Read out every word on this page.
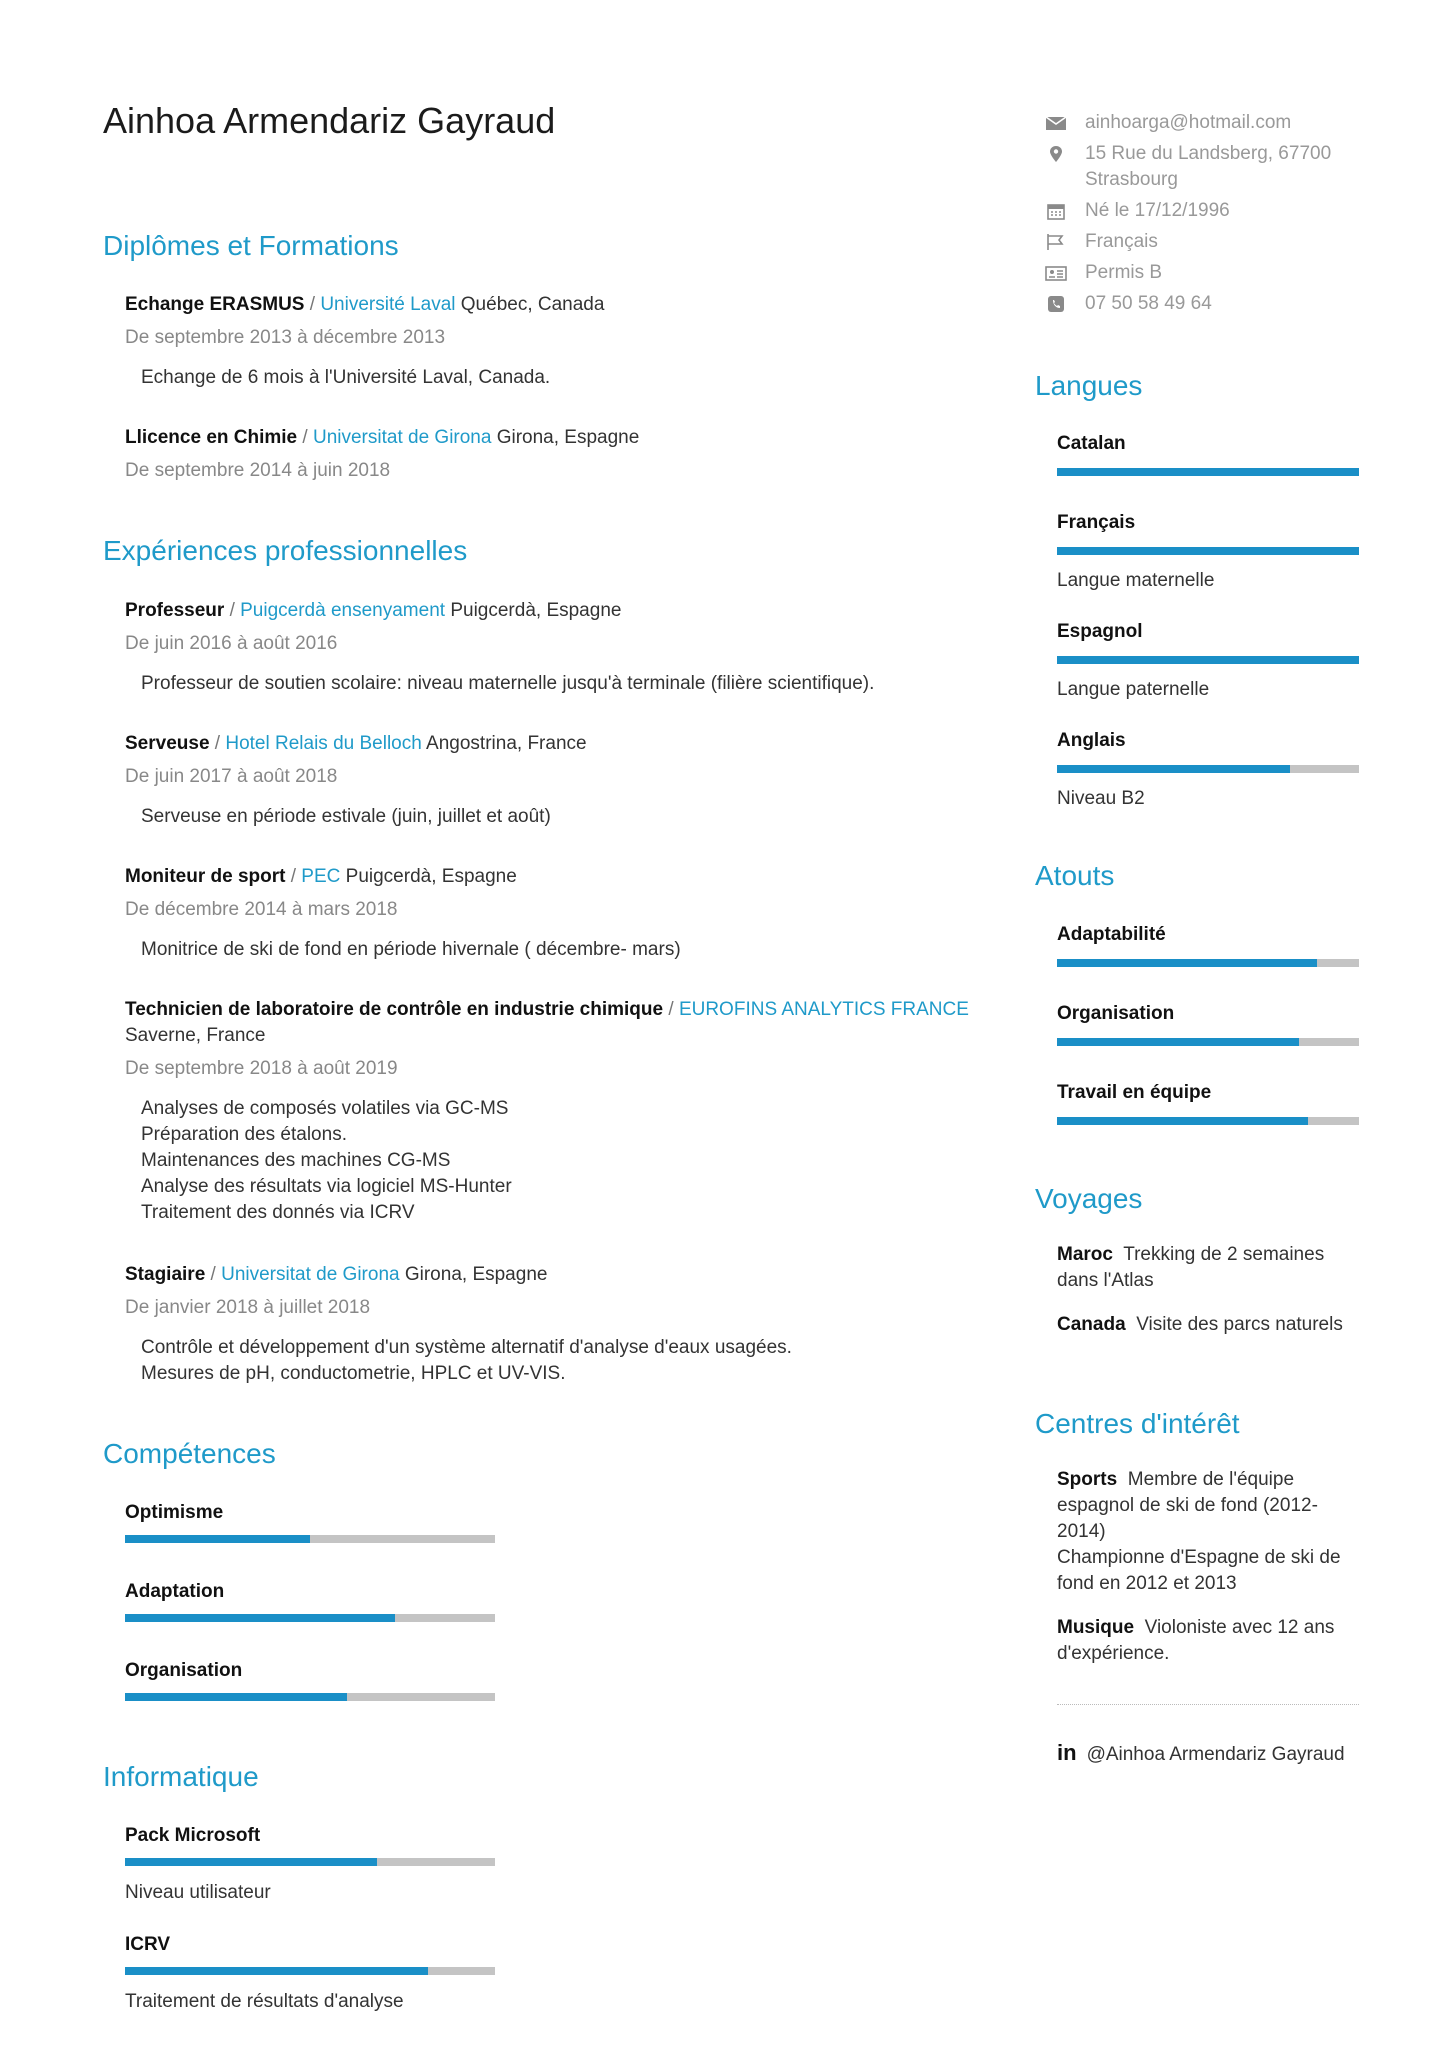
Ainhoa Armendariz Gayraud	ainhoarga@hotmail.com
15 Rue du Landsberg, 67700
Strasbourg
Né le 17/12/1996
Français
Permis B
07 50 58 49 64
Diplômes et Formations
Echange ERASMUS / Université Laval Québec, Canada
De septembre 2013 à décembre 2013
Echange de 6 mois à l'Université Laval, Canada.
Llicence en Chimie / Universitat de Girona Girona, Espagne
De septembre 2014 à juin 2018
Expériences professionnelles
Professeur / Puigcerdà ensenyament Puigcerdà, Espagne
De juin 2016 à août 2016
Professeur de soutien scolaire: niveau maternelle jusqu'à terminale (filière scientifique).
Serveuse / Hotel Relais du Belloch Angostrina, France
De juin 2017 à août 2018
Serveuse en période estivale (juin, juillet et août)
Moniteur de sport / PEC Puigcerdà, Espagne
De décembre 2014 à mars 2018
Monitrice de ski de fond en période hivernale ( décembre- mars)
Technicien de laboratoire de contrôle en industrie chimique / EUROFINS ANALYTICS FRANCE
Saverne, France
De septembre 2018 à août 2019
Analyses de composés volatiles via GC-MS
Préparation des étalons.
Maintenances des machines CG-MS
Analyse des résultats via logiciel MS-Hunter
Traitement des donnés via ICRV
Stagiaire / Universitat de Girona Girona, Espagne
De janvier 2018 à juillet 2018
Contrôle et développement d'un système alternatif d'analyse d'eaux usagées.
Mesures de pH, conductometrie, HPLC et UV-VIS.
Compétences
Optimisme
Adaptation
Organisation
Informatique
Pack Microsoft
Niveau utilisateur
ICRV
Traitement de résultats d'analyse
Langues
Catalan
Français
Langue maternelle
Espagnol
Langue paternelle
Anglais
Niveau B2
Atouts
Adaptabilité
Organisation
Travail en équipe
Voyages
Maroc Trekking de 2 semaines dans l'Atlas
Canada Visite des parcs naturels
Centres d'intérêt
Sports Membre de l'équipe espagnol de ski de fond (2012-2014)
Championne d'Espagne de ski de fond en 2012 et 2013
Musique Violoniste avec 12 ans d'expérience.
in @Ainhoa Armendariz Gayraud
